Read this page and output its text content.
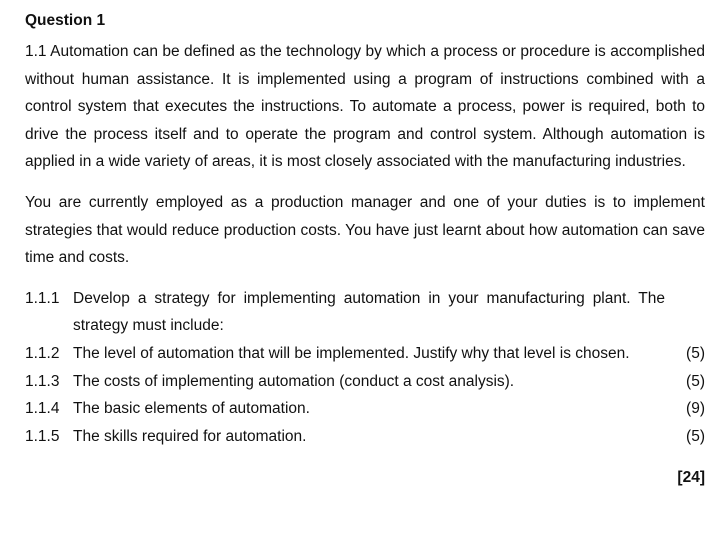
Question 1

1.1 Automation can be defined as the technology by which a process or procedure is accomplished without human assistance. It is implemented using a program of instructions combined with a control system that executes the instructions. To automate a process, power is required, both to drive the process itself and to operate the program and control system. Although automation is applied in a wide variety of areas, it is most closely associated with the manufacturing industries.

You are currently employed as a production manager and one of your duties is to implement strategies that would reduce production costs. You have just learnt about how automation can save time and costs.

1.1.1 Develop a strategy for implementing automation in your manufacturing plant. The strategy must include:
1.1.2 The level of automation that will be implemented. Justify why that level is chosen.	(5)
1.1.3 The costs of implementing automation (conduct a cost analysis).	(5)
1.1.4 The basic elements of automation.	(9)
1.1.5 The skills required for automation.	(5)
[24]
